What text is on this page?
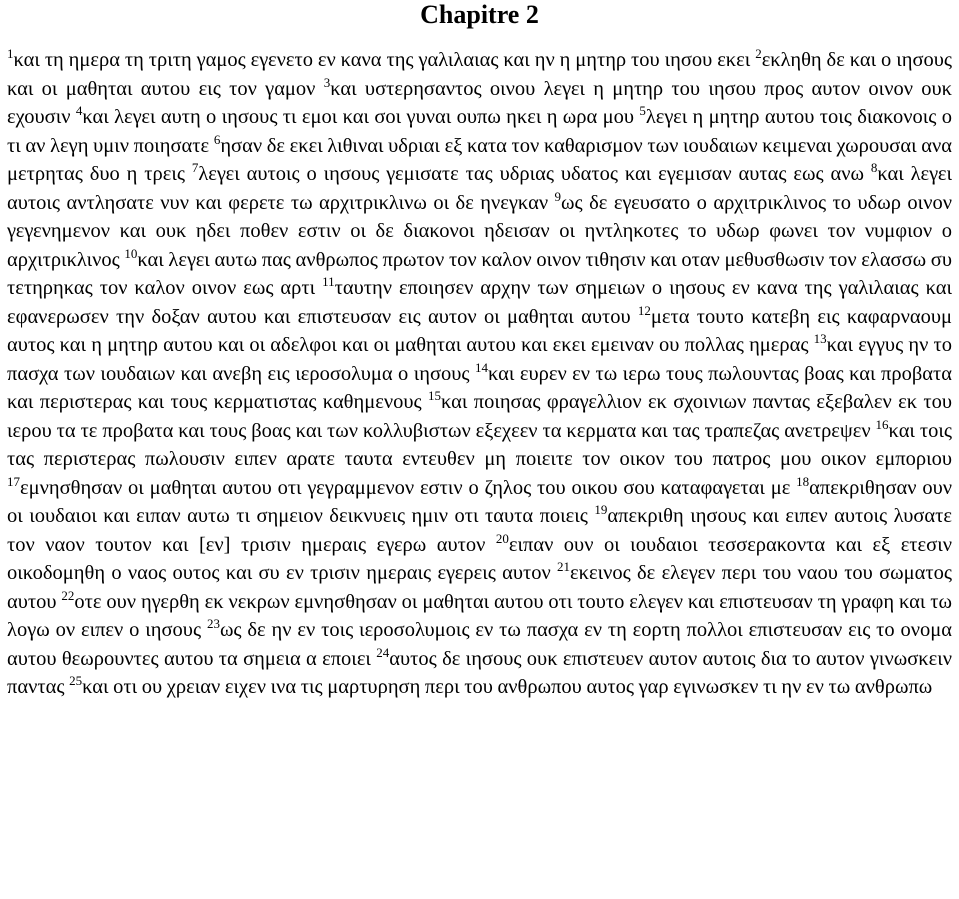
Chapitre 2

$^1$και τη ημερα τη τριτη γαμος εγενετο εν κανα της γαλιλαιας και ην η μητηρ του ιησου εκει $^2$εκληθη δε και ο ιησους και οι μαθηται αυτου εις τον γαμον $^3$και υστερησαντος οινου λεγει η μητηρ του ιησου προς αυτον οινον ουκ εχουσιν $^4$και λεγει αυτη ο ιησους τι εμοι και σοι γυναι ουπω ηκει η ωρα μου $^5$λεγει η μητηρ αυτου τοις διακονοις ο τι αν λεγη υμιν ποιησατε $^6$ησαν δε εκει λιθιναι υδριαι εξ κατα τον καθαρισμον των ιουδαιων κειμεναι χωρουσαι ανα μετρητας δυο η τρεις $^7$λεγει αυτοις ο ιησους γεμισατε τας υδριας υδατος και εγεμισαν αυτας εως ανω $^8$και λεγει αυτοις αντλησατε νυν και φερετε τω αρχιτρικλινω οι δε ηνεγκαν $^9$ως δε εγευσατο ο αρχιτρικλινος το υδωρ οινον γεγενημενον και ουκ ηδει ποθεν εστιν οι δε διακονοι ηδεισαν οι ηντληκοτες το υδωρ φωνει τον νυμφιον ο αρχιτρικλινος $^{10}$και λεγει αυτω πας ανθρωπος πρωτον τον καλον οινον τιθησιν και οταν μεθυσθωσιν τον ελασσω συ τετηρηκας τον καλον οινον εως αρτι $^{11}$ταυτην εποιησεν αρχην των σημειων ο ιησους εν κανα της γαλιλαιας και εφανερωσεν την δοξαν αυτου και επιστευσαν εις αυτον οι μαθηται αυτου $^{12}$μετα τουτο κατεβη εις καφαρναουμ αυτος και η μητηρ αυτου και οι αδελφοι και οι μαθηται αυτου και εκει εμειναν ου πολλας ημερας $^{13}$και εγγυς ην το πασχα των ιουδαιων και ανεβη εις ιεροσολυμα ο ιησους $^{14}$και ευρεν εν τω ιερω τους πωλουντας βοας και προβατα και περιστερας και τους κερματιστας καθημενους $^{15}$και ποιησας φραγελλιον εκ σχοινιων παντας εξεβαλεν εκ του ιερου τα τε προβατα και τους βοας και των κολλυβιστων εξεχεεν τα κερματα και τας τραπεζας ανετρεψεν $^{16}$και τοις τας περιστερας πωλουσιν ειπεν αρατε ταυτα εντευθεν μη ποιειτε τον οικον του πατρος μου οικον εμποριου $^{17}$εμνησθησαν οι μαθηται αυτου οτι γεγραμμενον εστιν ο ζηλος του οικου σου καταφαγεται με $^{18}$απεκριθησαν ουν οι ιουδαιοι και ειπαν αυτω τι σημειον δεικνυεις ημιν οτι ταυτα ποιεις $^{19}$απεκριθη ιησους και ειπεν αυτοις λυσατε τον ναον τουτον και [εν] τρισιν ημεραις εγερω αυτον $^{20}$ειπαν ουν οι ιουδαιοι τεσσερακοντα και εξ ετεσιν οικοδομηθη ο ναος ουτος και συ εν τρισιν ημεραις εγερεις αυτον $^{21}$εκεινος δε ελεγεν περι του ναου του σωματος αυτου $^{22}$οτε ουν ηγερθη εκ νεκρων εμνησθησαν οι μαθηται αυτου οτι τουτο ελεγεν και επιστευσαν τη γραφη και τω λογω ον ειπεν ο ιησους $^{23}$ως δε ην εν τοις ιεροσολυμοις εν τω πασχα εν τη εορτη πολλοι επιστευσαν εις το ονομα αυτου θεωρουντες αυτου τα σημεια α εποιει $^{24}$αυτος δε ιησους ουκ επιστευεν αυτον αυτοις δια το αυτον γινωσκειν παντας $^{25}$και οτι ου χρειαν ειχεν ινα τις μαρτυρηση περι του ανθρωπου αυτος γαρ εγινωσκεν τι ην εν τω ανθρωπω
